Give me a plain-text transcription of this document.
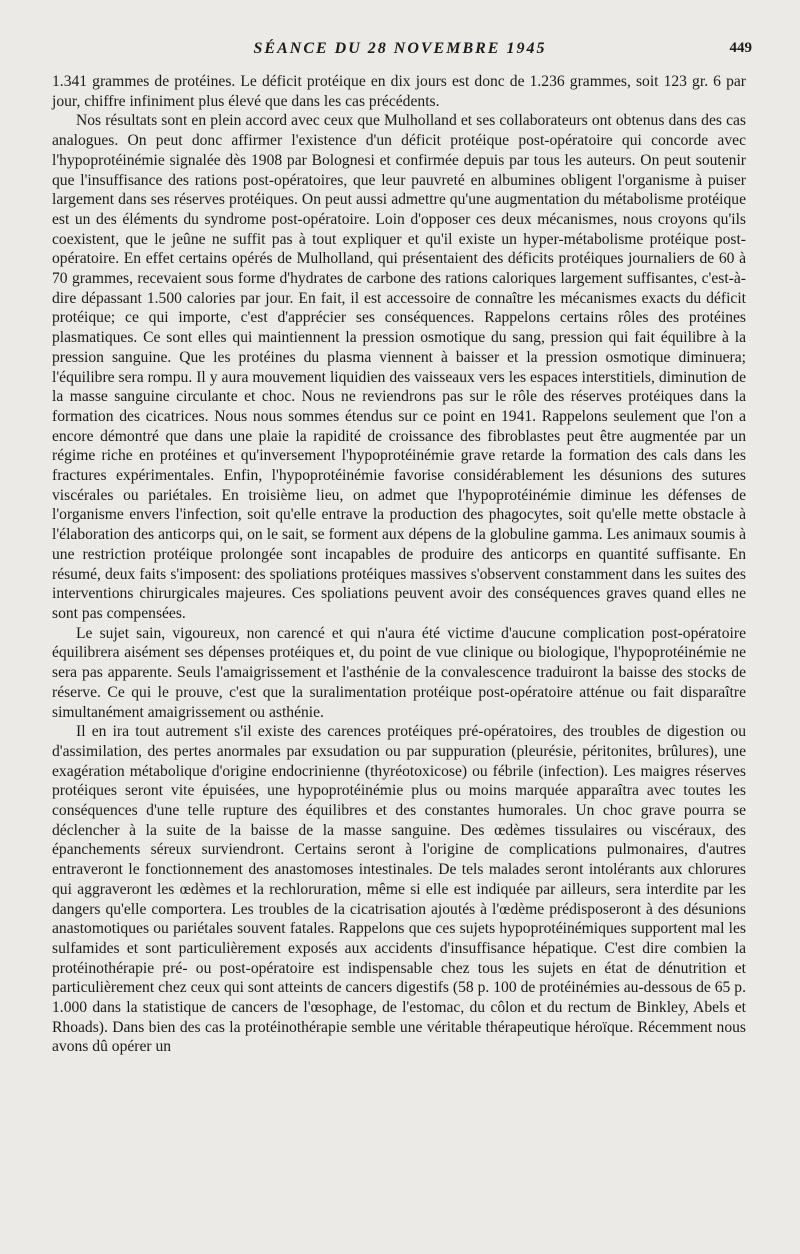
SÉANCE DU 28 NOVEMBRE 1945	449

1.341 grammes de protéines. Le déficit protéique en dix jours est donc de 1.236 grammes, soit 123 gr. 6 par jour, chiffre infiniment plus élevé que dans les cas précédents.

Nos résultats sont en plein accord avec ceux que Mulholland et ses collaborateurs ont obtenus dans des cas analogues. On peut donc affirmer l'existence d'un déficit protéique post-opératoire qui concorde avec l'hypoprotéinémie signalée dès 1908 par Bolognesi et confirmée depuis par tous les auteurs. On peut soutenir que l'insuffisance des rations post-opératoires, que leur pauvreté en albumines obligent l'organisme à puiser largement dans ses réserves protéiques. On peut aussi admettre qu'une augmentation du métabolisme protéique est un des éléments du syndrome post-opératoire. Loin d'opposer ces deux mécanismes, nous croyons qu'ils coexistent, que le jeûne ne suffit pas à tout expliquer et qu'il existe un hyper-métabolisme protéique post-opératoire. En effet certains opérés de Mulholland, qui présentaient des déficits protéiques journaliers de 60 à 70 grammes, recevaient sous forme d'hydrates de carbone des rations caloriques largement suffisantes, c'est-à-dire dépassant 1.500 calories par jour. En fait, il est accessoire de connaître les mécanismes exacts du déficit protéique; ce qui importe, c'est d'apprécier ses conséquences. Rappelons certains rôles des protéines plasmatiques. Ce sont elles qui maintiennent la pression osmotique du sang, pression qui fait équilibre à la pression sanguine. Que les protéines du plasma viennent à baisser et la pression osmotique diminuera; l'équilibre sera rompu. Il y aura mouvement liquidien des vaisseaux vers les espaces interstitiels, diminution de la masse sanguine circulante et choc. Nous ne reviendrons pas sur le rôle des réserves protéiques dans la formation des cicatrices. Nous nous sommes étendus sur ce point en 1941. Rappelons seulement que l'on a encore démontré que dans une plaie la rapidité de croissance des fibroblastes peut être augmentée par un régime riche en protéines et qu'inversement l'hypoprotéinémie grave retarde la formation des cals dans les fractures expérimentales. Enfin, l'hypoprotéinémie favorise considérablement les désunions des sutures viscérales ou pariétales. En troisième lieu, on admet que l'hypoprotéinémie diminue les défenses de l'organisme envers l'infection, soit qu'elle entrave la production des phagocytes, soit qu'elle mette obstacle à l'élaboration des anticorps qui, on le sait, se forment aux dépens de la globuline gamma. Les animaux soumis à une restriction protéique prolongée sont incapables de produire des anticorps en quantité suffisante. En résumé, deux faits s'imposent: des spoliations protéiques massives s'observent constamment dans les suites des interventions chirurgicales majeures. Ces spoliations peuvent avoir des conséquences graves quand elles ne sont pas compensées.

Le sujet sain, vigoureux, non carencé et qui n'aura été victime d'aucune complication post-opératoire équilibrera aisément ses dépenses protéiques et, du point de vue clinique ou biologique, l'hypoprotéinémie ne sera pas apparente. Seuls l'amaigrissement et l'asthénie de la convalescence traduiront la baisse des stocks de réserve. Ce qui le prouve, c'est que la suralimentation protéique post-opératoire atténue ou fait disparaître simultanément amaigrissement ou asthénie.

Il en ira tout autrement s'il existe des carences protéiques pré-opératoires, des troubles de digestion ou d'assimilation, des pertes anormales par exsudation ou par suppuration (pleurésie, péritonites, brûlures), une exagération métabolique d'origine endocrinienne (thyréotoxicose) ou fébrile (infection). Les maigres réserves protéiques seront vite épuisées, une hypoprotéinémie plus ou moins marquée apparaîtra avec toutes les conséquences d'une telle rupture des équilibres et des constantes humorales. Un choc grave pourra se déclencher à la suite de la baisse de la masse sanguine. Des œdèmes tissulaires ou viscéraux, des épanchements séreux surviendront. Certains seront à l'origine de complications pulmonaires, d'autres entraveront le fonctionnement des anastomoses intestinales. De tels malades seront intolérants aux chlorures qui aggraveront les œdèmes et la rechloruration, même si elle est indiquée par ailleurs, sera interdite par les dangers qu'elle comportera. Les troubles de la cicatrisation ajoutés à l'œdème prédisposeront à des désunions anastomotiques ou pariétales souvent fatales. Rappelons que ces sujets hypoprotéinémiques supportent mal les sulfamides et sont particulièrement exposés aux accidents d'insuffisance hépatique. C'est dire combien la protéinothérapie pré- ou post-opératoire est indispensable chez tous les sujets en état de dénutrition et particulièrement chez ceux qui sont atteints de cancers digestifs (58 p. 100 de protéinémies au-dessous de 65 p. 1.000 dans la statistique de cancers de l'œsophage, de l'estomac, du côlon et du rectum de Binkley, Abels et Rhoads). Dans bien des cas la protéinothérapie semble une véritable thérapeutique héroïque. Récemment nous avons dû opérer un
